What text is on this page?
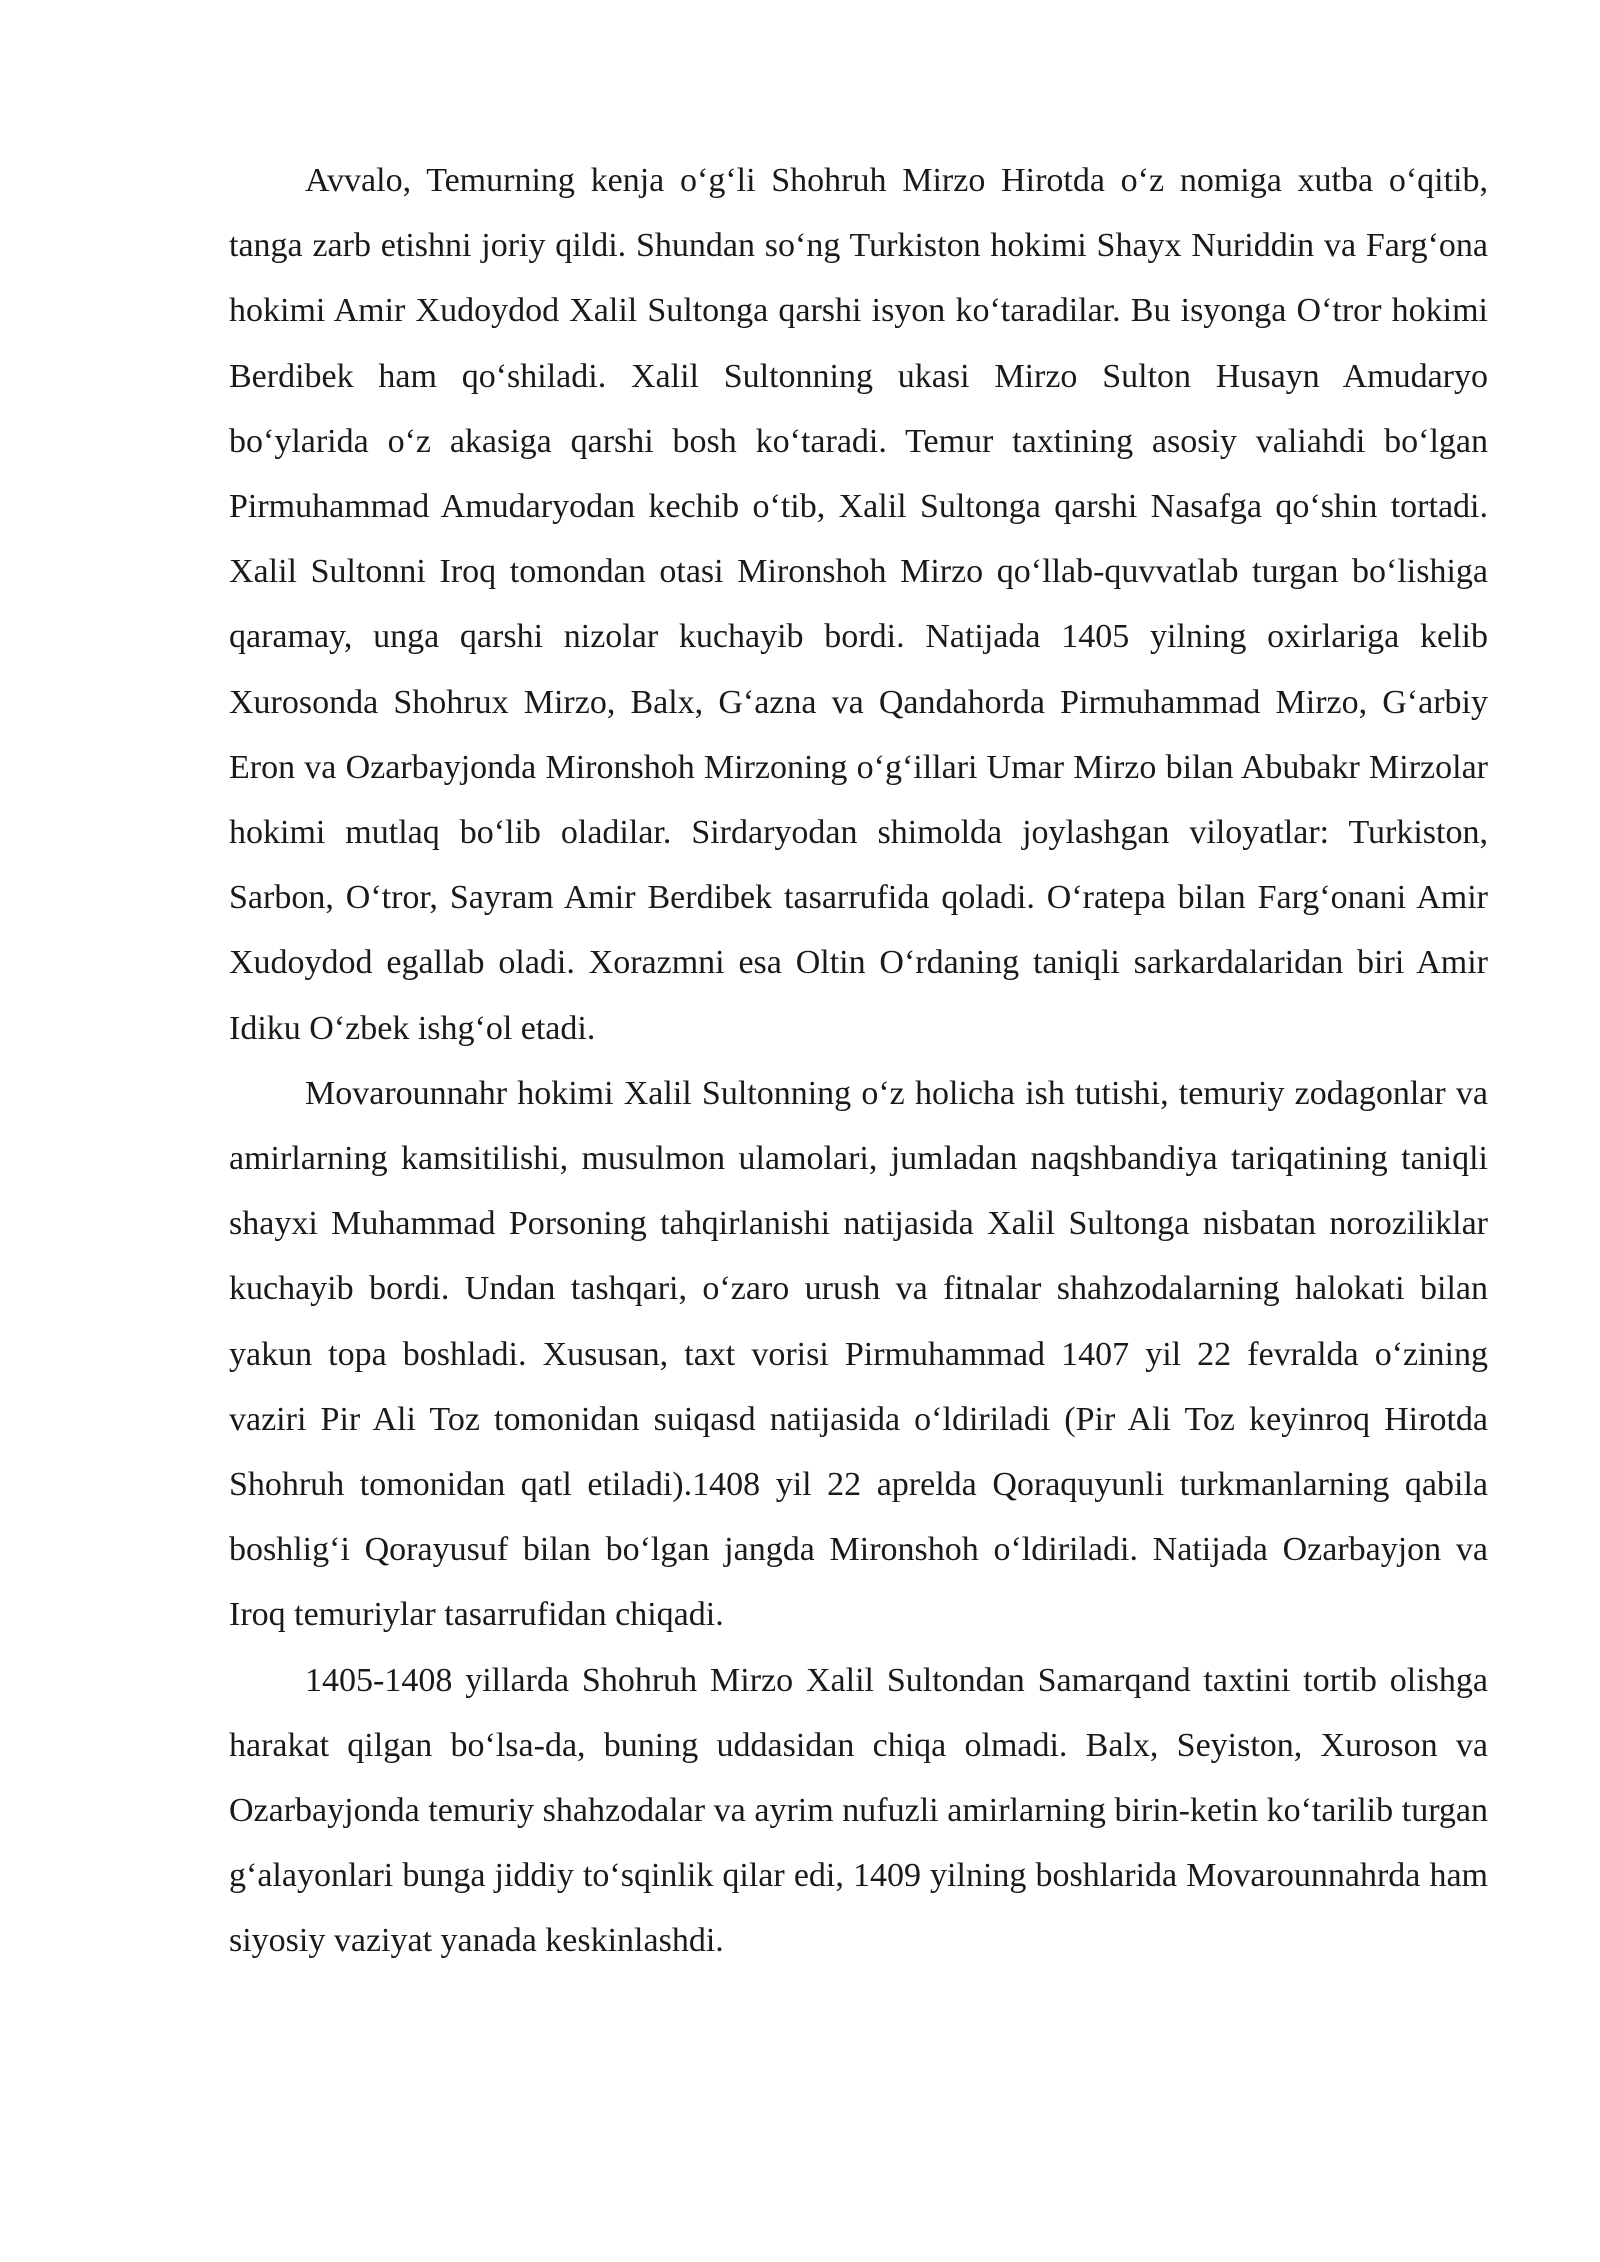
Avvalo, Temurning kenja o‘g‘li Shohruh Mirzo Hirotda o‘z nomiga xutba o‘qitib, tanga zarb etishni joriy qildi. Shundan so‘ng Turkiston hokimi Shayx Nuriddin va Farg‘ona hokimi Amir Xudoydod Xalil Sultonga qarshi isyon ko‘taradilar. Bu isyonga O‘tror hokimi Berdibek ham qo‘shiladi. Xalil Sultonning ukasi Mirzo Sulton Husayn Amudaryo bo‘ylarida o‘z akasiga qarshi bosh ko‘taradi. Temur taxtining asosiy valiahdi bo‘lgan Pirmuhammad Amudaryodan kechib o‘tib, Xalil Sultonga qarshi Nasafga qo‘shin tortadi. Xalil Sultonni Iroq tomondan otasi Mironshoh Mirzo qo‘llab-quvvatlab turgan bo‘lishiga qaramay, unga qarshi nizolar kuchayib bordi. Natijada 1405 yilning oxirlariga kelib Xurosonda Shohrux Mirzo, Balx, G‘azna va Qandahorda Pirmuhammad Mirzo, G‘arbiy Eron va Ozarbayjonda Mironshoh Mirzoning o‘g‘illari Umar Mirzo bilan Abubakr Mirzolar hokimi mutlaq bo‘lib oladilar. Sirdaryodan shimolda joylashgan viloyatlar: Turkiston, Sarbon, O‘tror, Sayram Amir Berdibek tasarrufida qoladi. O‘ratepa bilan Farg‘onani Amir Xudoydod egallab oladi. Xorazmni esa Oltin O‘rdaning taniqli sarkardalaridan biri Amir Idiku O‘zbek ishg‘ol etadi.

Movarounnahr hokimi Xalil Sultonning o‘z holicha ish tutishi, temuriy zodagonlar va amirlarning kamsitilishi, musulmon ulamolari, jumladan naqshbandiya tariqatining taniqli shayxi Muhammad Porsoning tahqirlanishi natijasida Xalil Sultonga nisbatan noroziliklar kuchayib bordi. Undan tashqari, o‘zaro urush va fitnalar shahzodalarning halokati bilan yakun topa boshladi. Xususan, taxt vorisi Pirmuhammad 1407 yil 22 fevralda o‘zining vaziri Pir Ali Toz tomonidan suiqasd natijasida o‘ldiriladi (Pir Ali Toz keyinroq Hirotda Shohruh tomonidan qatl etiladi).1408 yil 22 aprelda Qoraquyunli turkmanlarning qabila boshlig‘i Qorayusuf bilan bo‘lgan jangda Mironshoh o‘ldiriladi. Natijada Ozarbayjon va Iroq temuriylar tasarrufidan chiqadi.

1405-1408 yillarda Shohruh Mirzo Xalil Sultondan Samarqand taxtini tortib olishga harakat qilgan bo‘lsa-da, buning uddasidan chiqa olmadi. Balx, Seyiston, Xuroson va Ozarbayjonda temuriy shahzodalar va ayrim nufuzli amirlarning birin-ketin ko‘tarilib turgan g‘alayonlari bunga jiddiy to‘sqinlik qilar edi, 1409 yilning boshlarida Movarounnahrda ham siyosiy vaziyat yanada keskinlashdi.
